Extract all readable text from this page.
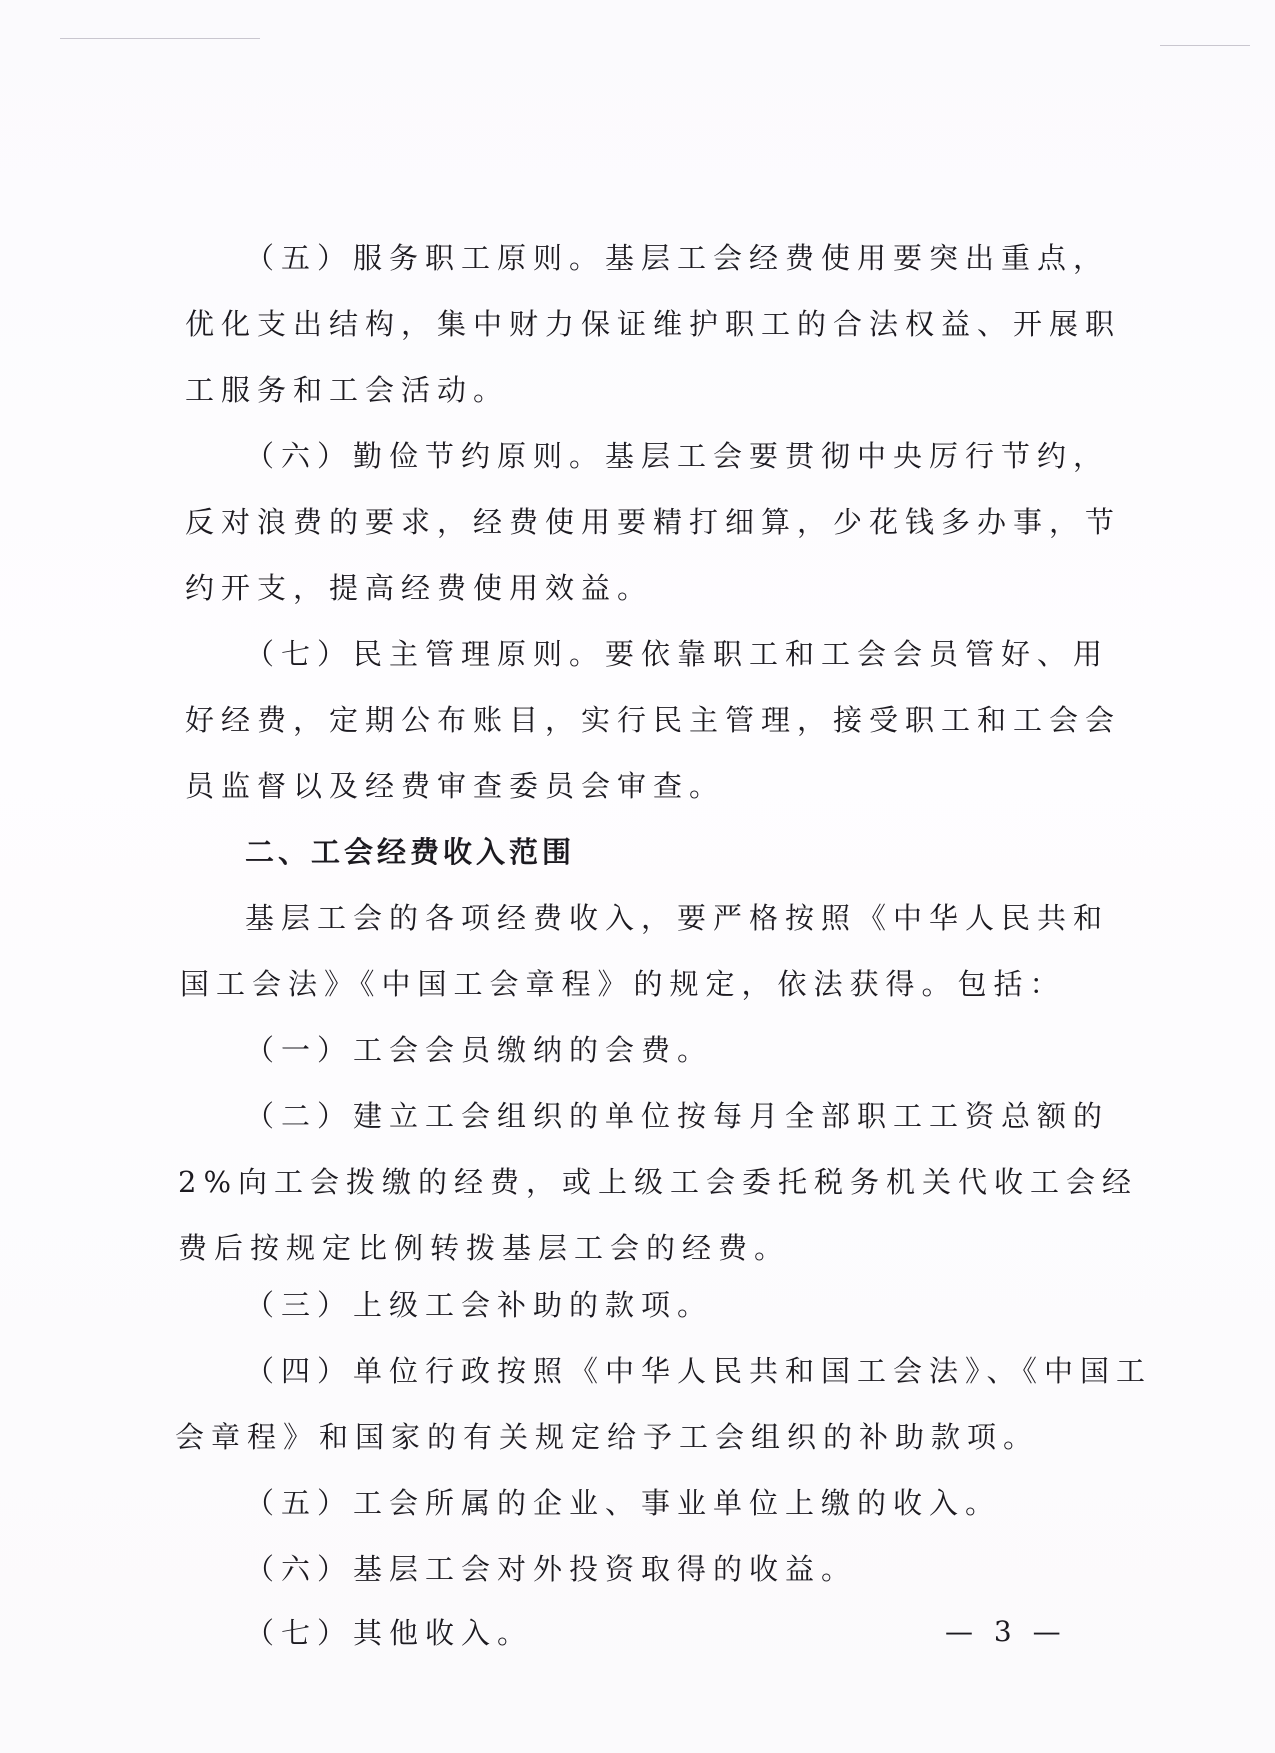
（五）服务职工原则。基层工会经费使用要突出重点，
优化支出结构，集中财力保证维护职工的合法权益、开展职
工服务和工会活动。
（六）勤俭节约原则。基层工会要贯彻中央厉行节约，
反对浪费的要求，经费使用要精打细算，少花钱多办事，节
约开支，提高经费使用效益。
（七）民主管理原则。要依靠职工和工会会员管好、用
好经费，定期公布账目，实行民主管理，接受职工和工会会
员监督以及经费审查委员会审查。
二、工会经费收入范围
基层工会的各项经费收入，要严格按照《中华人民共和
国工会法》《中国工会章程》的规定，依法获得。包括：
（一）工会会员缴纳的会费。
（二）建立工会组织的单位按每月全部职工工资总额的
2%向工会拨缴的经费，或上级工会委托税务机关代收工会经
费后按规定比例转拨基层工会的经费。
（三）上级工会补助的款项。
（四）单位行政按照《中华人民共和国工会法》、《中国工
会章程》和国家的有关规定给予工会组织的补助款项。
（五）工会所属的企业、事业单位上缴的收入。
（六）基层工会对外投资取得的收益。
（七）其他收入。	— 3 —
